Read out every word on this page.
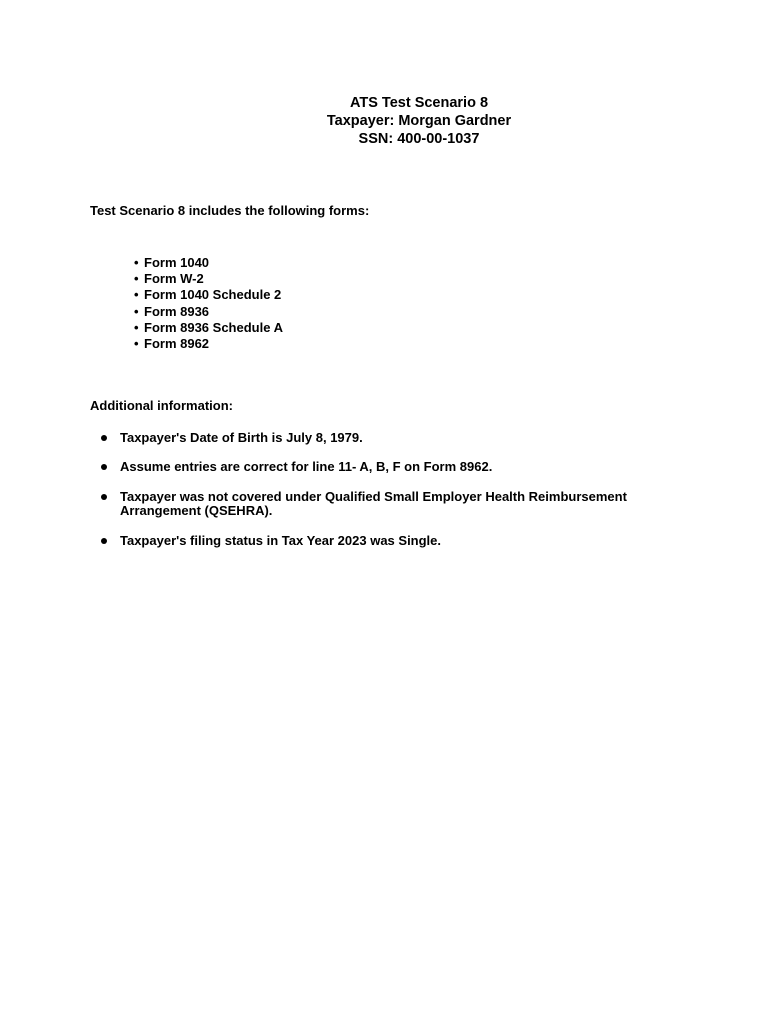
ATS Test Scenario 8
Taxpayer: Morgan Gardner
SSN: 400-00-1037
Test Scenario 8 includes the following forms:
• Form 1040
• Form W-2
• Form 1040 Schedule 2
• Form 8936
• Form 8936 Schedule A
• Form 8962
Additional information:
Taxpayer's Date of Birth is July 8, 1979.
Assume entries are correct for line 11- A, B, F on Form 8962.
Taxpayer was not covered under Qualified Small Employer Health Reimbursement Arrangement (QSEHRA).
Taxpayer's filing status in Tax Year 2023 was Single.
